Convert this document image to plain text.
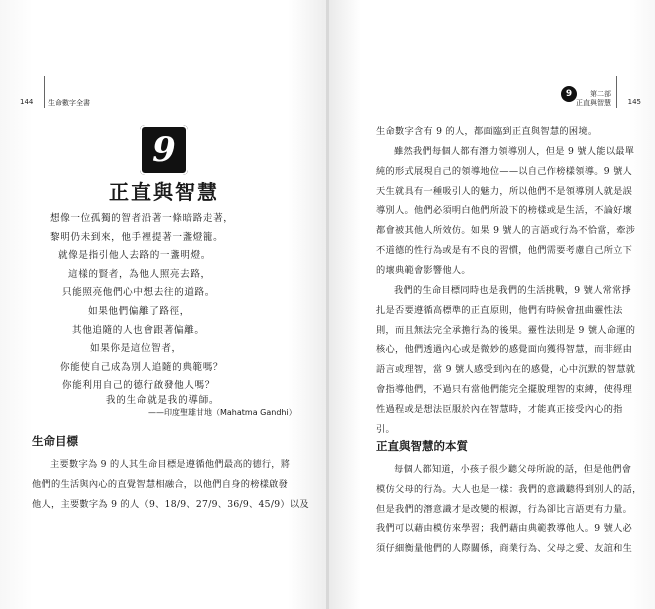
144 生命數字全書
9	第二部
正直與智慧 145
9
正直與智慧
想像一位孤獨的智者沿著一條暗路走著，
黎明仍未到來，他手裡提著一盞燈籠。
就像是指引他人去路的一盞明燈。
這樣的賢者，為他人照亮去路，
只能照亮他們心中想去往的道路。
如果他們偏離了路徑，
其他追隨的人也會跟著偏離。
如果你是這位智者，
你能使自己成為別人追隨的典範嗎？
你能利用自己的德行啟發他人嗎？
我的生命就是我的導師。
——印度聖雄甘地（Mahatma Gandhi）
生命目標
主要數字為 9 的人其生命目標是遵循他們最高的德行，將
他們的生活與內心的直覺智慧相融合，以他們自身的榜樣啟發
他人，主要數字為 9 的人（9、18/9、27/9、36/9、45/9）以及
生命數字含有 9 的人，都面臨到正直與智慧的困境。
雖然我們每個人都有潛力領導別人，但是 9 號人能以最單
純的形式展現自己的領導地位——以自己作榜樣領導。9 號人
天生就具有一種吸引人的魅力，所以他們不是領導別人就是誤
導別人。他們必須明白他們所設下的榜樣或是生活，不論好壞
都會被其他人所效仿。如果 9 號人的言語或行為不恰當，牽涉
不道德的性行為或是有不良的習慣，他們需要考慮自己所立下
的壞典範會影響他人。
我們的生命目標同時也是我們的生活挑戰，9 號人常常掙
扎是否要遵循高標準的正直原則，他們有時候會扭曲靈性法
則，而且無法完全承擔行為的後果。靈性法則是 9 號人命運的
核心，他們透過內心或是微妙的感覺面向獲得智慧，而非經由
語言或理智，當 9 號人感受到內在的感覺，心中沉默的智慧就
會指導他們，不過只有當他們能完全擺脫理智的束縛，使得理
性過程或是想法臣服於內在智慧時，才能真正接受內心的指
引。
正直與智慧的本質
每個人都知道，小孩子很少聽父母所說的話，但是他們會
模仿父母的行為。大人也是一樣：我們的意識聽得到別人的話，
但是我們的潛意識才是改變的根源，行為卻比言語更有力量。
我們可以藉由模仿來學習；我們藉由典範教導他人。9 號人必
須仔細衡量他們的人際關係，商業行為、父母之愛、友誼和生
